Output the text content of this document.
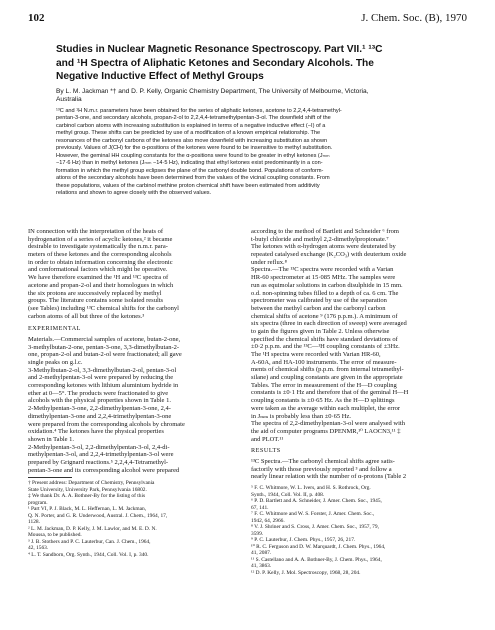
102	J. Chem. Soc. (B), 1970
Studies in Nuclear Magnetic Resonance Spectroscopy. Part VII.¹ ¹³C
and ¹H Spectra of Aliphatic Ketones and Secondary Alcohols. The
Negative Inductive Effect of Methyl Groups
By L. M. Jackman *† and D. P. Kelly, Organic Chemistry Department, The University of Melbourne, Victoria,
Australia
¹³C and ¹H N.m.r. parameters have been obtained for the series of aliphatic ketones, acetone to 2,2,4,4-tetramethyl-
pentan-3-one, and secondary alcohols, propan-2-ol to 2,2,4,4-tetramethylpentan-3-ol. The downfield shift of the
carbinol carbon atoms with increasing substitution is explained in terms of a negative inductive effect (−I) of a
methyl group. These shifts can be predicted by use of a modification of a known empirical relationship. The
resonances of the carbonyl carbons of the ketones also move downfield with increasing substitution as shown
previously. Values of J(CH) for the α-positions of the ketones were found to be insensitive to methyl substitution.
However, the geminal HH coupling constants for the α-positions were found to be greater in ethyl ketones (Jₘₘ
−17·6 Hz) than in methyl ketones (Jₘₘ −14·5 Hz), indicating that ethyl ketones exist predominantly in a con-
formation in which the methyl group eclipses the plane of the carbonyl double bond. Populations of conform-
ations of the secondary alcohols have been determined from the values of the vicinal coupling constants. From
these populations, values of the carbinol methine proton chemical shift have been estimated from additivity
relations and shown to agree closely with the observed values.
IN connection with the interpretation of the heats of
hydrogenation of a series of acyclic ketones,² it became
desirable to investigate systematically the n.m.r. para-
meters of these ketones and the corresponding alcohols
in order to obtain information concerning the electronic
and conformational factors which might be operative.
We have therefore examined the ¹H and ¹³C spectra of
acetone and propan-2-ol and their homologues in which
the six protons are successively replaced by methyl
groups. The literature contains some isolated results
(see Tables) including ¹³C chemical shifts for the carbonyl
carbon atoms of all but three of the ketones.³
EXPERIMENTAL
Materials.—Commercial samples of acetone, butan-2-one,
3-methylbutan-2-one, pentan-3-one, 3,3-dimethylbutan-2-
one, propan-2-ol and butan-2-ol were fractionated; all gave
single peaks on g.l.c.
3-Methylbutan-2-ol, 3,3-dimethylbutan-2-ol, pentan-3-ol
and 2-methylpentan-3-ol were prepared by reducing the
corresponding ketones with lithium aluminium hydride in
ether at 0—5°. The products were fractionated to give
alcohols with the physical properties shown in Table 1.
2-Methylpentan-3-one, 2,2-dimethylpentan-3-one, 2,4-
dimethylpentan-3-one and 2,2,4-trimethylpentan-3-one
were prepared from the corresponding alcohols by chromate
oxidation.⁴ The ketones have the physical properties
shown in Table 1.
2-Methylpentan-3-ol, 2,2-dimethylpentan-3-ol, 2,4-di-
methylpentan-3-ol, and 2,2,4-trimethylpentan-3-ol were
prepared by Grignard reactions.⁵ 2,2,4,4-Tetramethyl-
pentan-3-one and its corresponding alcohol were prepared
† Present address: Department of Chemistry, Pennsylvania
State University, University Park, Pennsylvania 16802.
‡ We thank Dr. A. A. Bothner-By for the listing of this
program.
¹ Part VI, P. J. Black, M. L. Heffernan, L. M. Jackman,
Q. N. Porter, and G. R. Underwood, Austral. J. Chem., 1964, 17,
1128.
² L. M. Jackman, D. P. Kelly, J. M. Lawlor, and M. E. D. N.
Moussa, to be published.
³ J. B. Stothers and P. C. Lauterbur, Can. J. Chem., 1964,
42, 1563.
⁴ L. T. Sandborn, Org. Synth., 1944, Coll. Vol. I, p. 340.
according to the method of Bartlett and Schneider ⁶ from
t-butyl chloride and methyl 2,2-dimethylpropionate.⁷
The ketones with α-hydrogen atoms were deuterated by
repeated catalysed exchange (K₂CO₃) with deuterium oxide
under reflux.⁸
Spectra.—The ¹³C spectra were recorded with a Varian
HR-60 spectrometer at 15·085 MHz. The samples were
run as equimolar solutions in carbon disulphide in 15 mm.
o.d. non-spinning tubes filled to a depth of ca. 6 cm. The
spectrometer was calibrated by use of the separation
between the methyl carbon and the carbonyl carbon
chemical shifts of acetone ⁹ (176 p.p.m.). A minimum of
six spectra (three in each direction of sweep) were averaged
to gain the figures given in Table 2. Unless otherwise
specified the chemical shifts have standard deviations of
±0·2 p.p.m. and the ¹³C—¹H coupling constants of ±3Hz.
The ¹H spectra were recorded with Varian HR-60,
A-60A, and HA-100 instruments. The error of measure-
ments of chemical shifts (p.p.m. from internal tetramethyl-
silane) and coupling constants are given in the appropriate
Tables. The error in measurement of the H—D coupling
constants is ±0·1 Hz and therefore that of the geminal H—H
coupling constants is ±0·65 Hz. As the H—D splittings
were taken as the average within each multiplet, the error
in Jₘₘ is probably less than ±0·65 Hz.
The spectra of 2,2-dimethylpentan-3-ol were analysed with
the aid of computer programs DPENMR,¹⁰ LAOCN3,¹¹ ‡
and PLOT.¹¹
RESULTS
¹³C Spectra.—The carbonyl chemical shifts agree satis-
factorily with those previously reported ³ and follow a
nearly linear relation with the number of α-protons (Table 2
⁵ F. C. Whitmore, W. L. Ivers, and H. S. Rothrock, Org.
Synth., 1944, Coll. Vol. II, p. 408.
⁶ P. D. Bartlett and A. Schneider, J. Amer. Chem. Soc., 1945,
67, 141.
⁷ F. C. Whitmore and W. S. Forster, J. Amer. Chem. Soc.,
1942, 64, 2966.
⁸ V. J. Shriner and S. Cross, J. Amer. Chem. Soc., 1957, 79,
3599.
⁹ P. C. Lauterbur, J. Chem. Phys., 1957, 26, 217.
¹⁰ R. C. Ferguson and D. W. Marquardt, J. Chem. Phys., 1964,
41, 2087.
¹¹ S. Castellano and A. A. Bothner-By, J. Chem. Phys., 1964,
41, 3863.
¹² D. P. Kelly, J. Mol. Spectroscopy, 1968, 28, 204.
